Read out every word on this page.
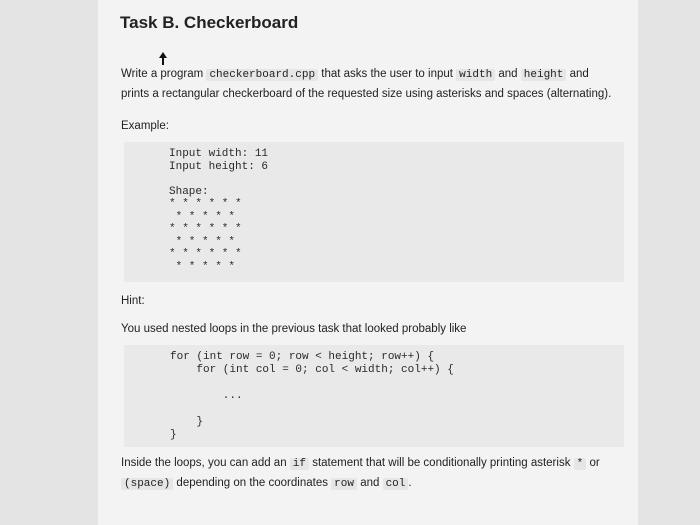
Task B. Checkerboard
Write a program checkerboard.cpp that asks the user to input width and height and
prints a rectangular checkerboard of the requested size using asterisks and spaces (alternating).
Example:
Input width: 11
Input height: 6

Shape:
* * * * * *
* * * * *
* * * * * *
* * * * *
* * * * * *
* * * * *
Hint:
You used nested loops in the previous task that looked probably like
for (int row = 0; row < height; row++) {
for (int col = 0; col < width; col++) {

...

}
}
Inside the loops, you can add an if statement that will be conditionally printing asterisk * or
(space) depending on the coordinates row and col .
